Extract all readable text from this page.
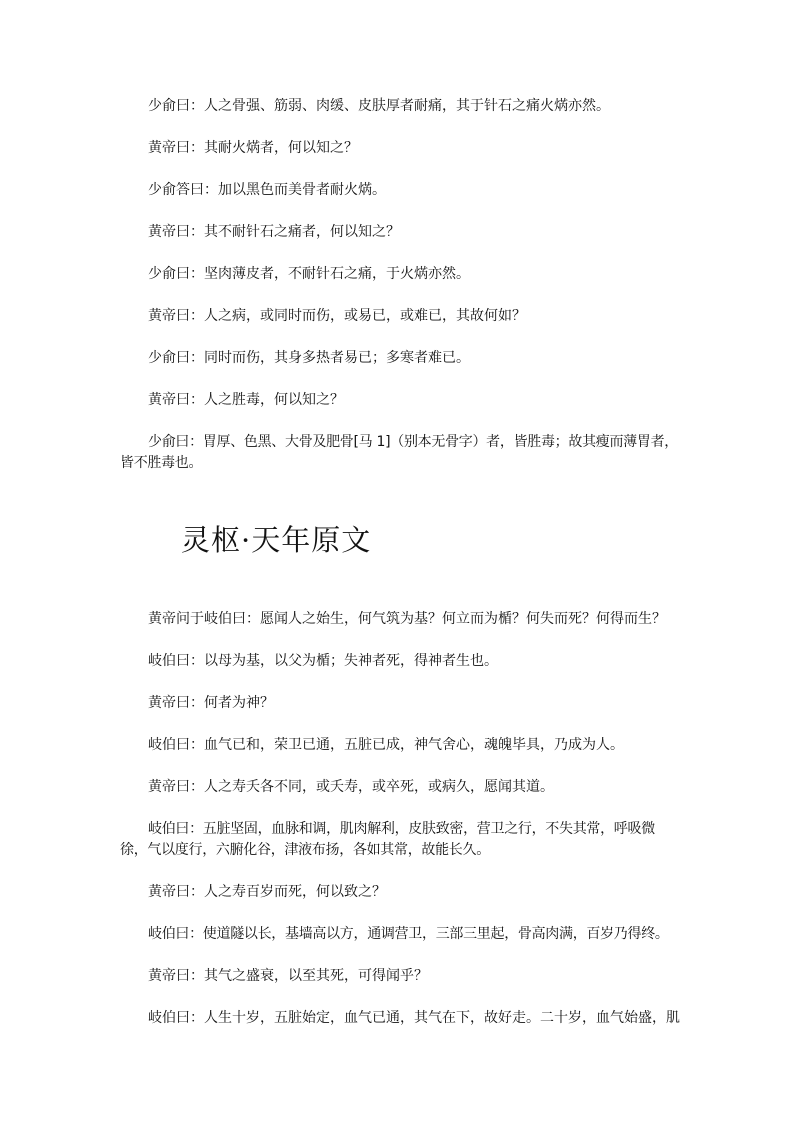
少俞曰：人之骨强、筋弱、肉缓、皮肤厚者耐痛，其于针石之痛火焫亦然。

黄帝曰：其耐火焫者，何以知之？

少俞答曰：加以黑色而美骨者耐火焫。

黄帝曰：其不耐针石之痛者，何以知之？

少俞曰：坚肉薄皮者，不耐针石之痛，于火焫亦然。

黄帝曰：人之病，或同时而伤，或易已，或难已，其故何如？

少俞曰：同时而伤，其身多热者易已；多寒者难已。

黄帝曰：人之胜毒，何以知之？

少俞曰：胃厚、色黑、大骨及肥骨[马 1]（别本无骨字）者，皆胜毒；故其瘦而薄胃者，皆不胜毒也。

灵枢·天年原文

黄帝问于岐伯曰：愿闻人之始生，何气筑为基？何立而为楯？何失而死？何得而生？

岐伯曰：以母为基，以父为楯；失神者死，得神者生也。

黄帝曰：何者为神？

岐伯曰：血气已和，荣卫已通，五脏已成，神气舍心，魂魄毕具，乃成为人。

黄帝曰：人之寿夭各不同，或夭寿，或卒死，或病久，愿闻其道。

岐伯曰：五脏坚固，血脉和调，肌肉解利，皮肤致密，营卫之行，不失其常，呼吸微徐，气以度行，六腑化谷，津液布扬，各如其常，故能长久。

黄帝曰：人之寿百岁而死，何以致之？

岐伯曰：使道隧以长，基墙高以方，通调营卫，三部三里起，骨高肉满，百岁乃得终。

黄帝曰：其气之盛衰，以至其死，可得闻乎？

岐伯曰：人生十岁，五脏始定，血气已通，其气在下，故好走。二十岁，血气始盛，肌
